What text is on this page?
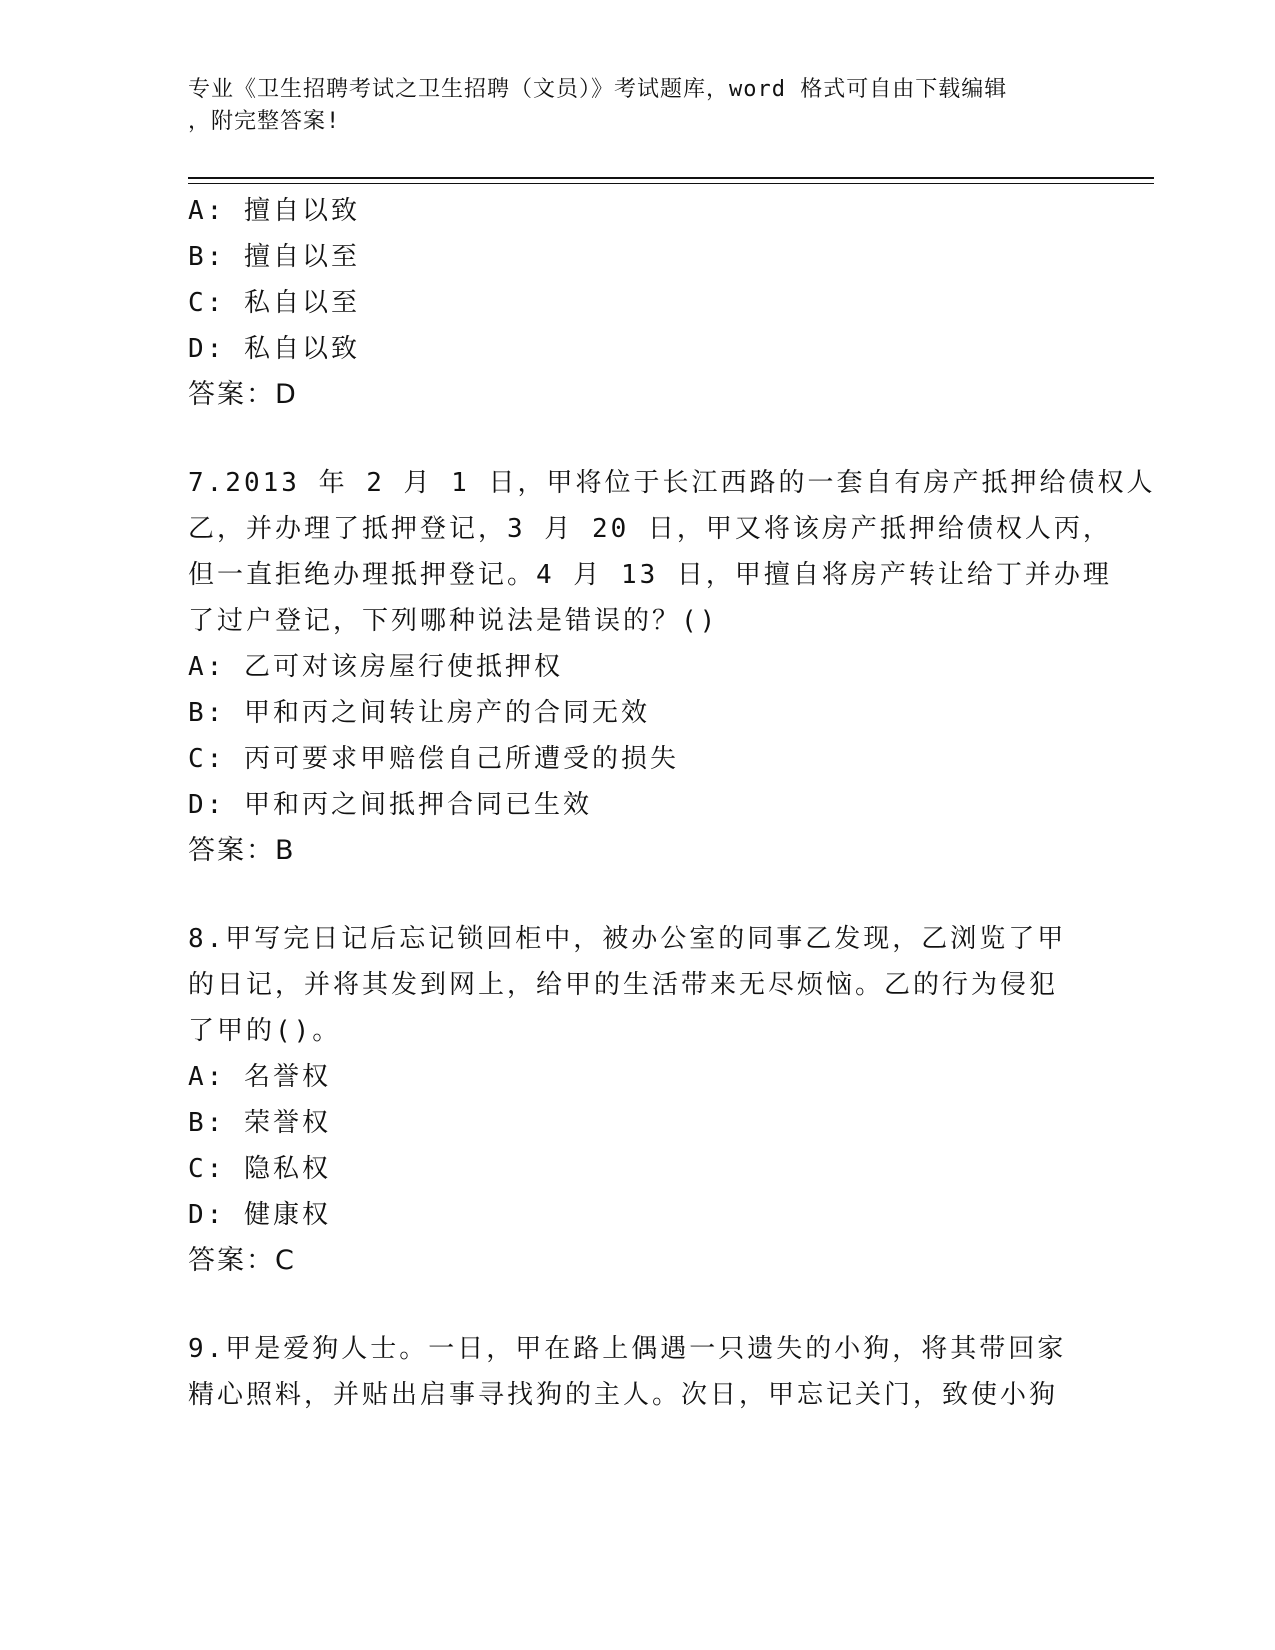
专业《卫生招聘考试之卫生招聘（文员）》考试题库，word 格式可自由下载编辑
，附完整答案!
A: 擅自以致
B: 擅自以至
C: 私自以至
D: 私自以致
答案：D
7.2013 年 2 月 1 日，甲将位于长江西路的一套自有房产抵押给债权人
乙，并办理了抵押登记，3 月 20 日，甲又将该房产抵押给债权人丙，
但一直拒绝办理抵押登记。4 月 13 日，甲擅自将房产转让给丁并办理
了过户登记，下列哪种说法是错误的？()
A: 乙可对该房屋行使抵押权
B: 甲和丙之间转让房产的合同无效
C: 丙可要求甲赔偿自己所遭受的损失
D: 甲和丙之间抵押合同已生效
答案：B
8.甲写完日记后忘记锁回柜中，被办公室的同事乙发现，乙浏览了甲
的日记，并将其发到网上，给甲的生活带来无尽烦恼。乙的行为侵犯
了甲的()。
A: 名誉权
B: 荣誉权
C: 隐私权
D: 健康权
答案：C
9.甲是爱狗人士。一日，甲在路上偶遇一只遗失的小狗，将其带回家
精心照料，并贴出启事寻找狗的主人。次日，甲忘记关门，致使小狗
